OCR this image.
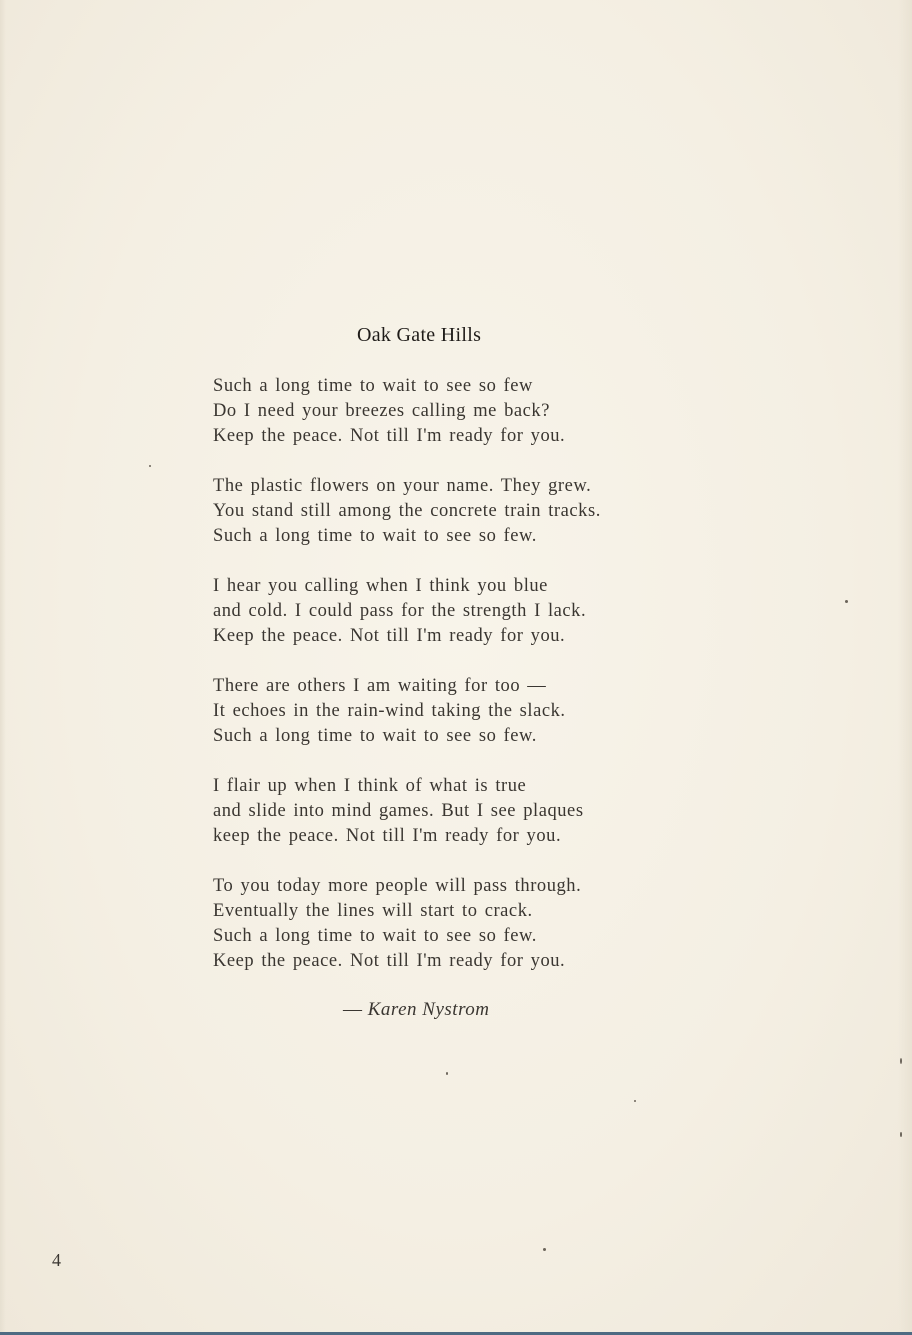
Oak Gate Hills
Such a long time to wait to see so few
Do I need your breezes calling me back?
Keep the peace. Not till I'm ready for you.
The plastic flowers on your name. They grew.
You stand still among the concrete train tracks.
Such a long time to wait to see so few.
I hear you calling when I think you blue
and cold. I could pass for the strength I lack.
Keep the peace. Not till I'm ready for you.
There are others I am waiting for too —
It echoes in the rain-wind taking the slack.
Such a long time to wait to see so few.
I flair up when I think of what is true
and slide into mind games. But I see plaques
keep the peace. Not till I'm ready for you.
To you today more people will pass through.
Eventually the lines will start to crack.
Such a long time to wait to see so few.
Keep the peace. Not till I'm ready for you.
— Karen Nystrom
4
